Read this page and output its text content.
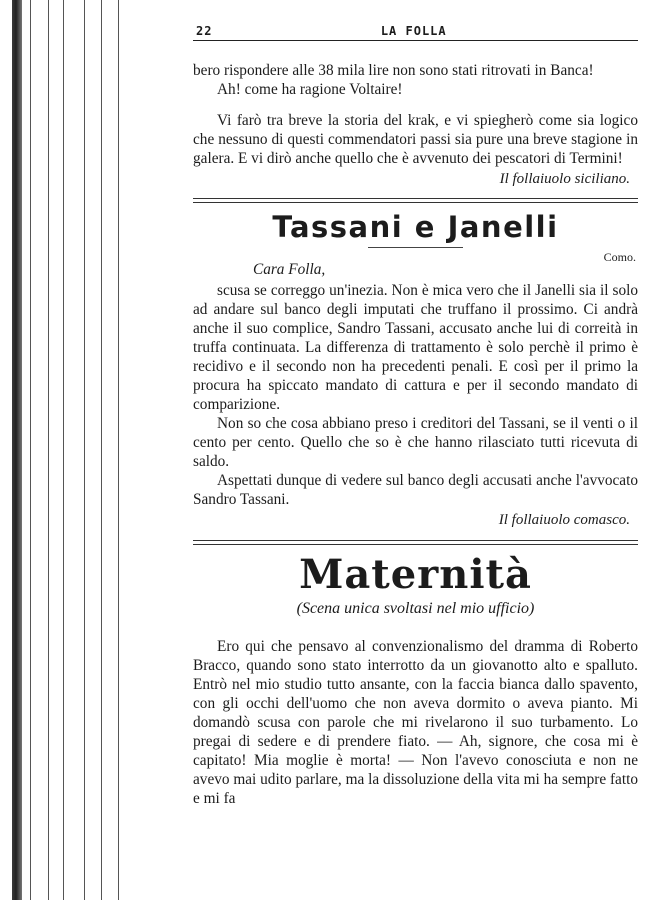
22	LA FOLLA

bero rispondere alle 38 mila lire non sono stati ritrovati in Banca!

Ah! come ha ragione Voltaire!

Vi farò tra breve la storia del krak, e vi spiegherò come sia logico che nessuno di questi commendatori passi sia pure una breve stagione in galera. E vi dirò anche quello che è avvenuto dei pescatori di Termini!

Il follaiuolo siciliano.
Tassani e Janelli
Como.
Cara Folla,

scusa se correggo un'inezia. Non è mica vero che il Janelli sia il solo ad andare sul banco degli imputati che truffano il prossimo. Ci andrà anche il suo complice, Sandro Tassani, accusato anche lui di correità in truffa continuata. La differenza di trattamento è solo perchè il primo è recidivo e il secondo non ha precedenti penali. E così per il primo la procura ha spiccato mandato di cattura e per il secondo mandato di comparizione.

Non so che cosa abbiano preso i creditori del Tassani, se il venti o il cento per cento. Quello che so è che hanno rilasciato tutti ricevuta di saldo.

Aspettati dunque di vedere sul banco degli accusati anche l'avvocato Sandro Tassani.

Il follaiuolo comasco.
Maternità
(Scena unica svoltasi nel mio ufficio)

Ero qui che pensavo al convenzionalismo del dramma di Roberto Bracco, quando sono stato interrotto da un giovanotto alto e spalluto. Entrò nel mio studio tutto ansante, con la faccia bianca dallo spavento, con gli occhi dell'uomo che non aveva dormito o aveva pianto. Mi domandò scusa con parole che mi rivelarono il suo turbamento. Lo pregai di sedere e di prendere fiato. — Ah, signore, che cosa mi è capitato! Mia moglie è morta! — Non l'avevo conosciuta e non ne avevo mai udito parlare, ma la dissoluzione della vita mi ha sempre fatto e mi fa
